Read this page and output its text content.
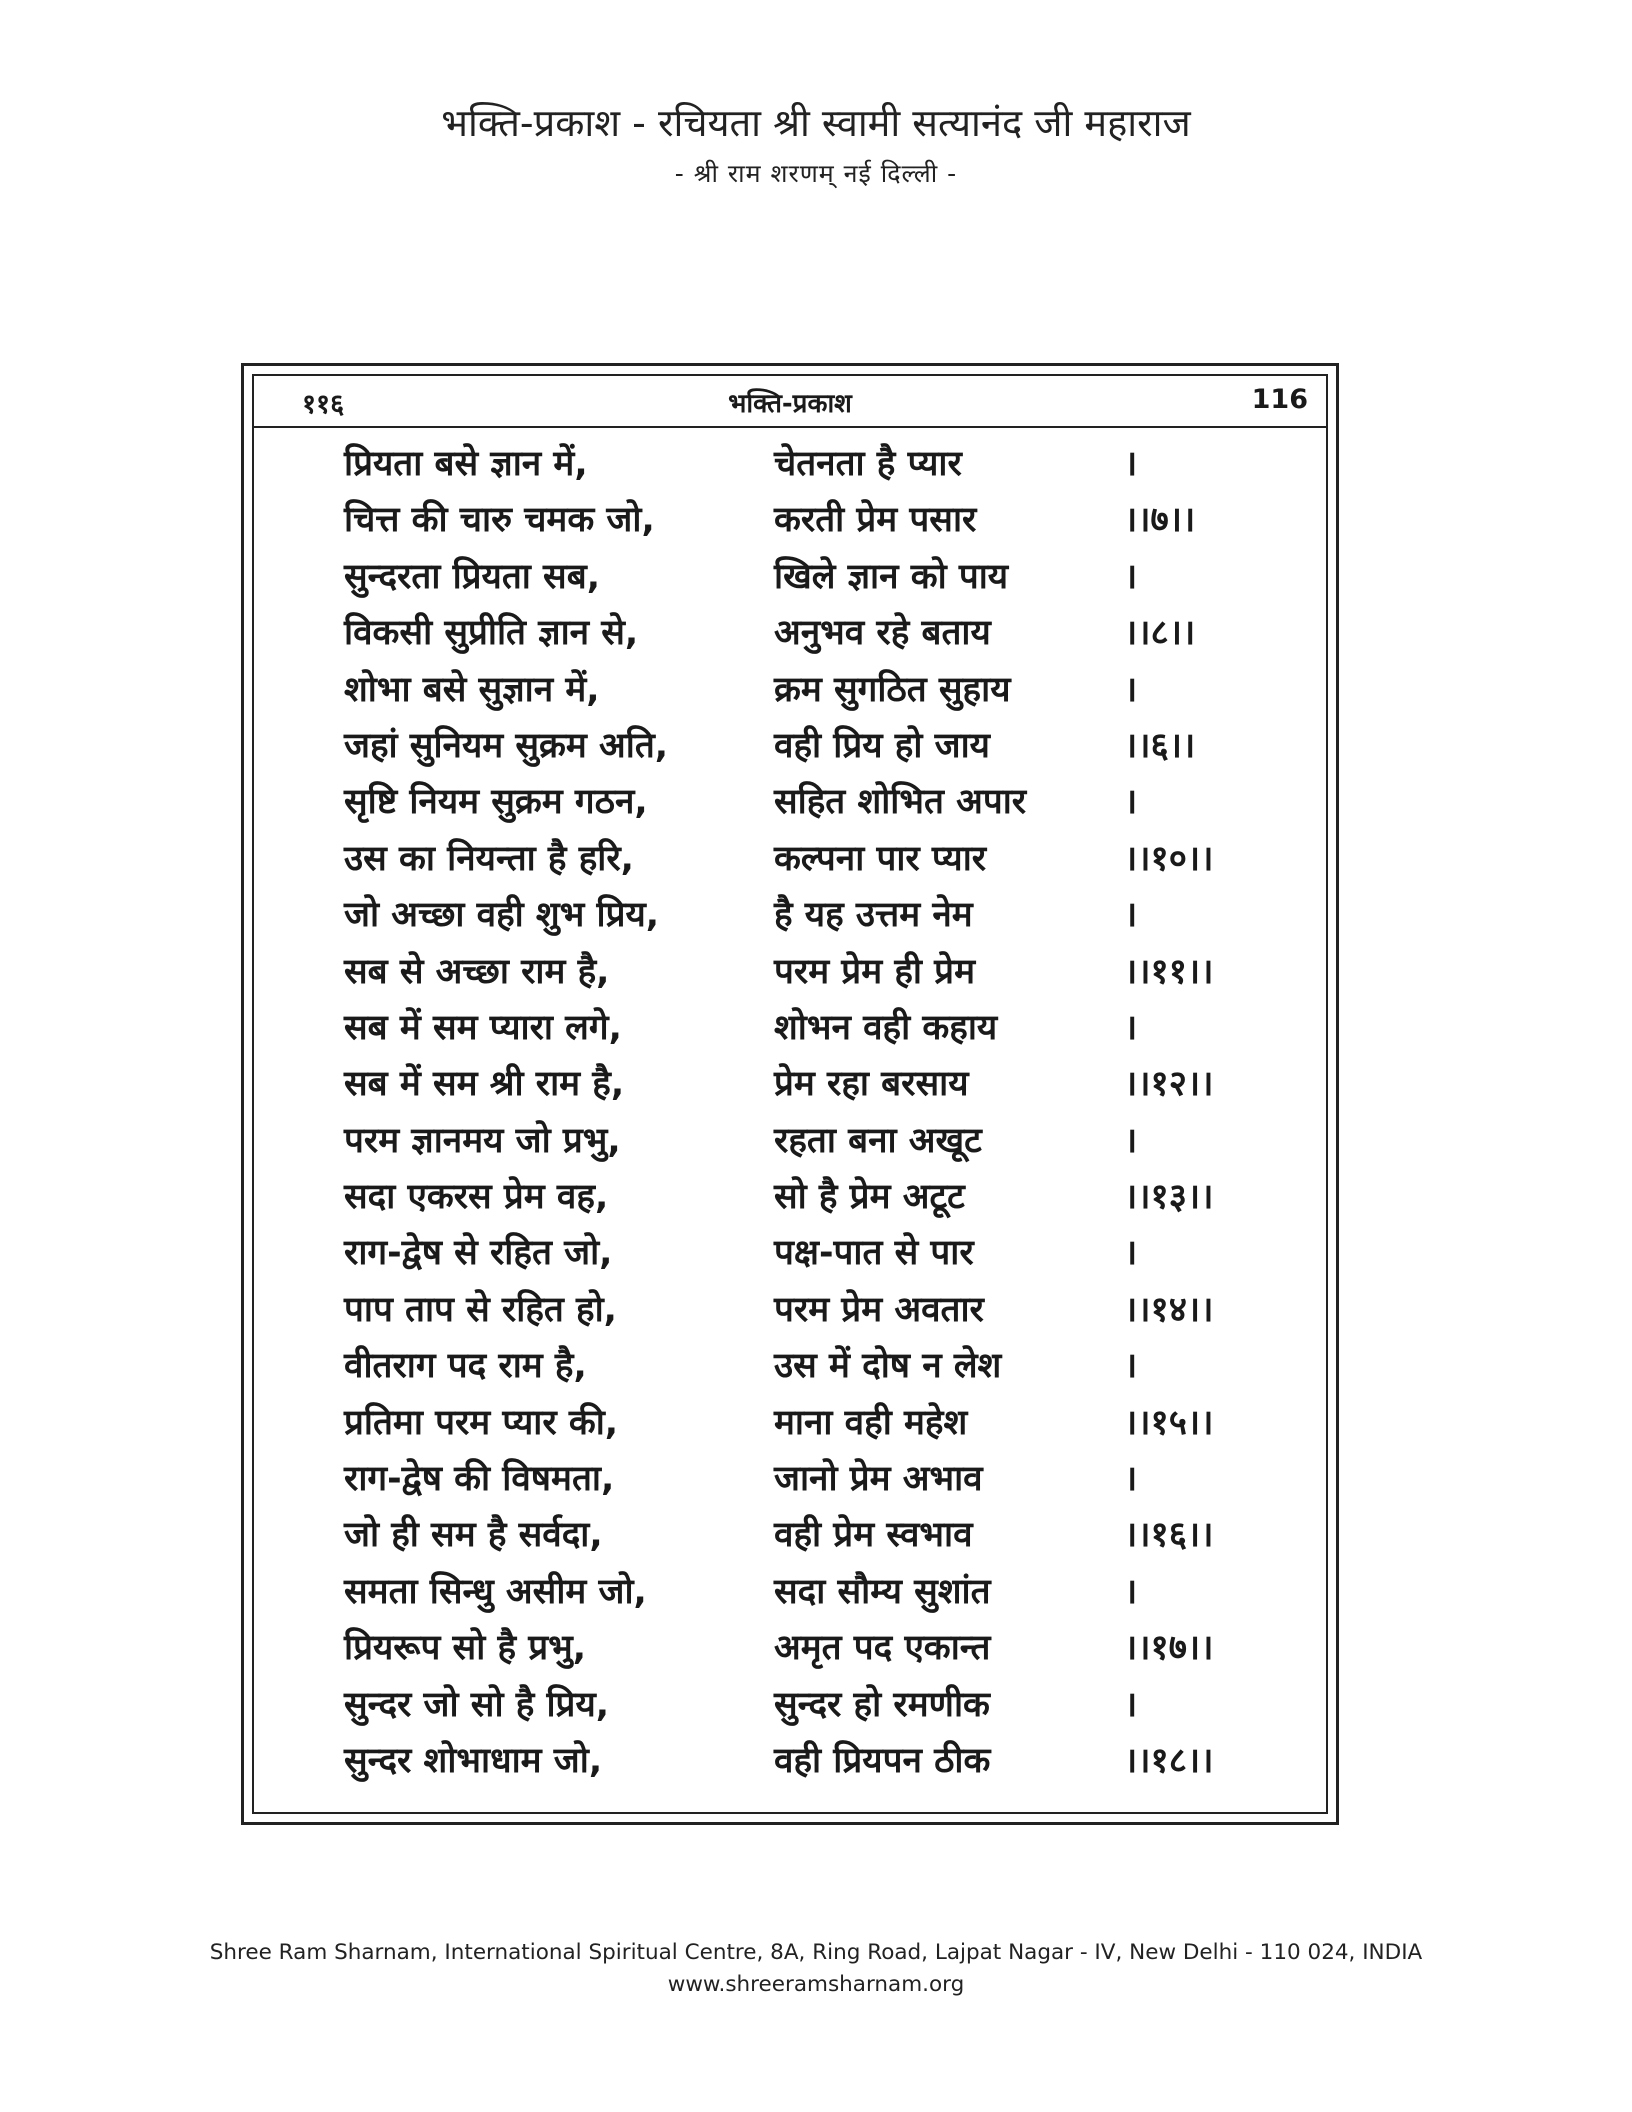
भक्ति-प्रकाश - रचियता श्री स्वामी सत्यानंद जी महाराज
- श्री राम शरणम् नई दिल्ली -
११६	भक्ति-प्रकाश	116
प्रियता बसे ज्ञान में,	चेतनता है प्यार	।
चित्त की चारु चमक जो,	करती प्रेम पसार	।।७।।
सुन्दरता प्रियता सब,	खिले ज्ञान को पाय	।
विकसी सुप्रीति ज्ञान से,	अनुभव रहे बताय	।।८।।
शोभा बसे सुज्ञान में,	क्रम सुगठित सुहाय	।
जहां सुनियम सुक्रम अति,	वही प्रिय हो जाय	।।६।।
सृष्टि नियम सुक्रम गठन,	सहित शोभित अपार	।
उस का नियन्ता है हरि,	कल्पना पार प्यार	।।१०।।
जो अच्छा वही शुभ प्रिय,	है यह उत्तम नेम	।
सब से अच्छा राम है,	परम प्रेम ही प्रेम	।।११।।
सब में सम प्यारा लगे,	शोभन वही कहाय	।
सब में सम श्री राम है,	प्रेम रहा बरसाय	।।१२।।
परम ज्ञानमय जो प्रभु,	रहता बना अखूट	।
सदा एकरस प्रेम वह,	सो है प्रेम अटूट	।।१३।।
राग-द्वेष से रहित जो,	पक्ष-पात से पार	।
पाप ताप से रहित हो,	परम प्रेम अवतार	।।१४।।
वीतराग पद राम है,	उस में दोष न लेश	।
प्रतिमा परम प्यार की,	माना वही महेश	।।१५।।
राग-द्वेष की विषमता,	जानो प्रेम अभाव	।
जो ही सम है सर्वदा,	वही प्रेम स्वभाव	।।१६।।
समता सिन्धु असीम जो,	सदा सौम्य सुशांत	।
प्रियरूप सो है प्रभु,	अमृत पद एकान्त	।।१७।।
सुन्दर जो सो है प्रिय,	सुन्दर हो रमणीक	।
सुन्दर शोभाधाम जो,	वही प्रियपन ठीक	।।१८।।
Shree Ram Sharnam, International Spiritual Centre, 8A, Ring Road, Lajpat Nagar - IV, New Delhi - 110 024, INDIA
www.shreeramsharnam.org
